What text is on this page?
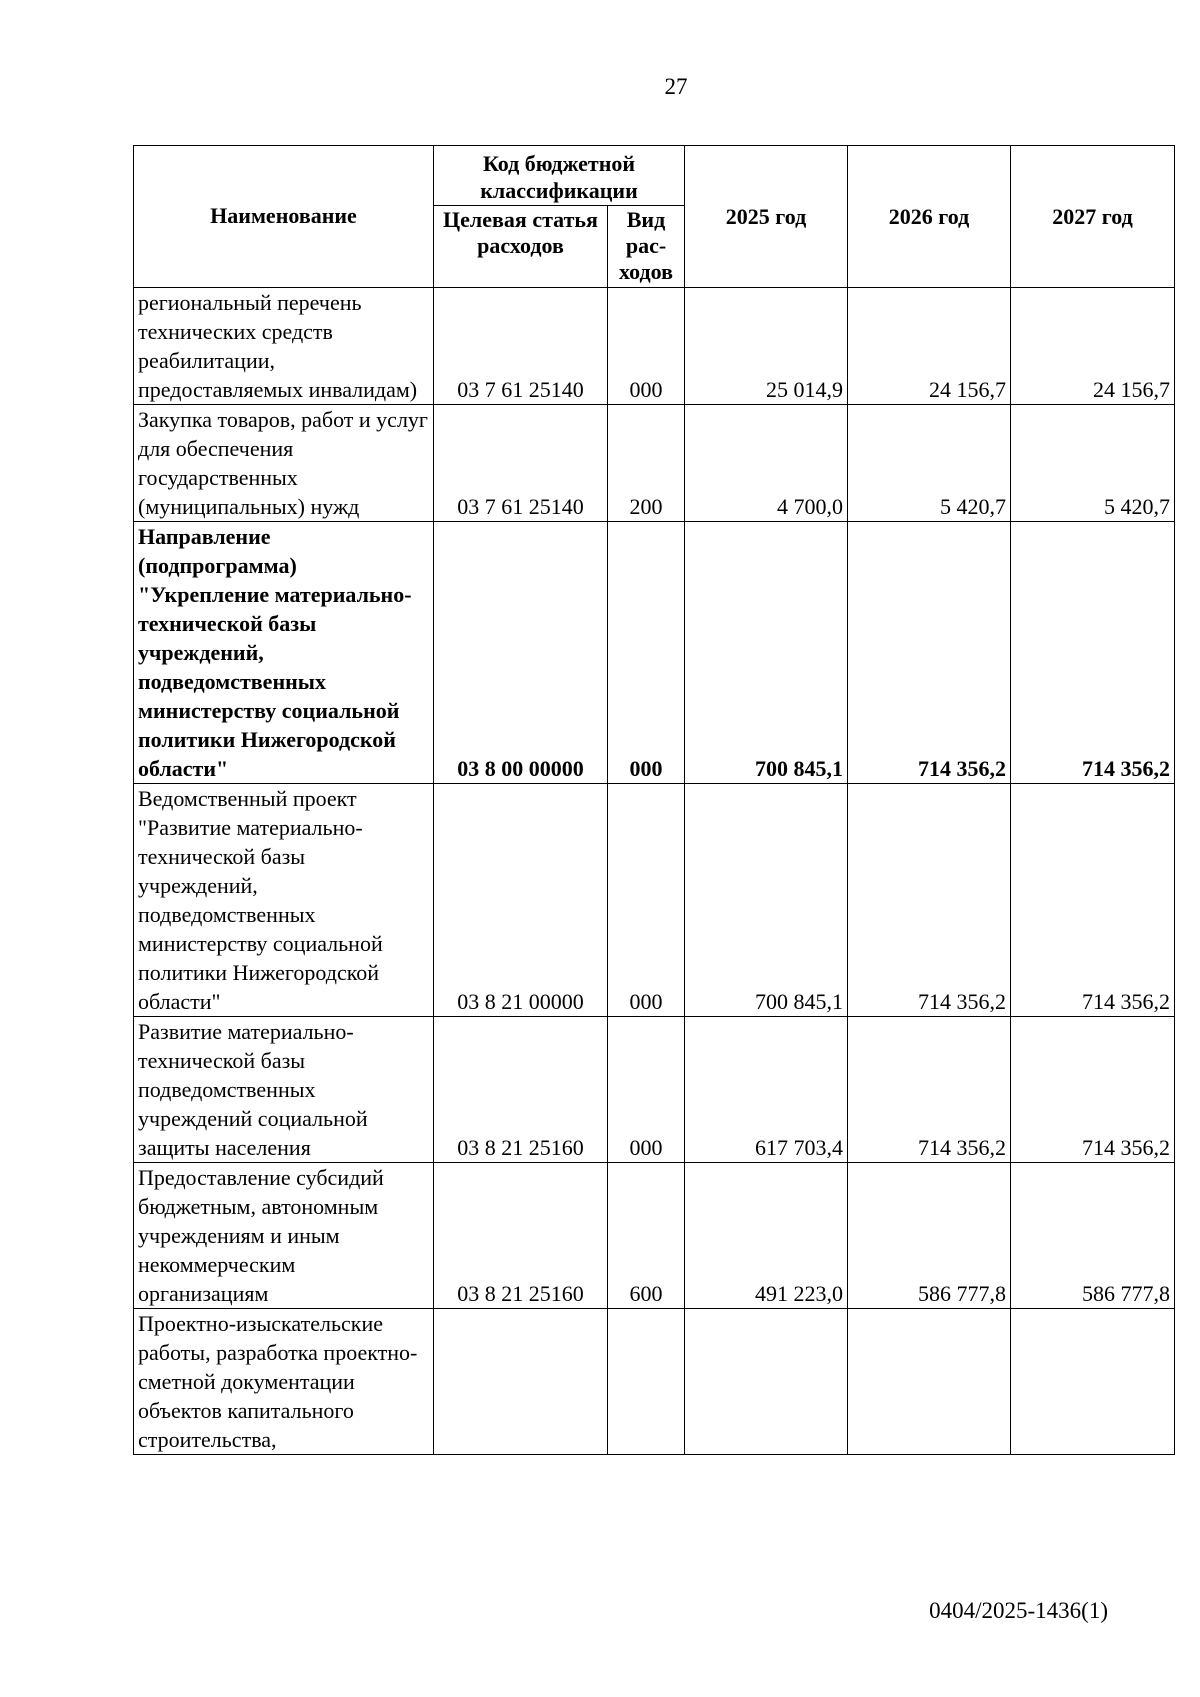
27
Наименование	Код бюджетной классификации		2025 год	2026 год	2027 год
	Целевая статья расходов	Вид рас-ходов			
региональный перечень технических средств реабилитации, предоставляемых инвалидам)	03 7 61 25140	000	25 014,9	24 156,7	24 156,7
Закупка товаров, работ и услуг для обеспечения государственных (муниципальных) нужд	03 7 61 25140	200	4 700,0	5 420,7	5 420,7
Направление (подпрограмма) "Укрепление материально-технической базы учреждений, подведомственных министерству социальной политики Нижегородской области"	03 8 00 00000	000	700 845,1	714 356,2	714 356,2
Ведомственный проект "Развитие материально-технической базы учреждений, подведомственных министерству социальной политики Нижегородской области"	03 8 21 00000	000	700 845,1	714 356,2	714 356,2
Развитие материально-технической базы подведомственных учреждений социальной защиты населения	03 8 21 25160	000	617 703,4	714 356,2	714 356,2
Предоставление субсидий бюджетным, автономным учреждениям и иным некоммерческим организациям	03 8 21 25160	600	491 223,0	586 777,8	586 777,8
Проектно-изыскательские работы, разработка проектно-сметной документации объектов капитального строительства,					
0404/2025-1436(1)
